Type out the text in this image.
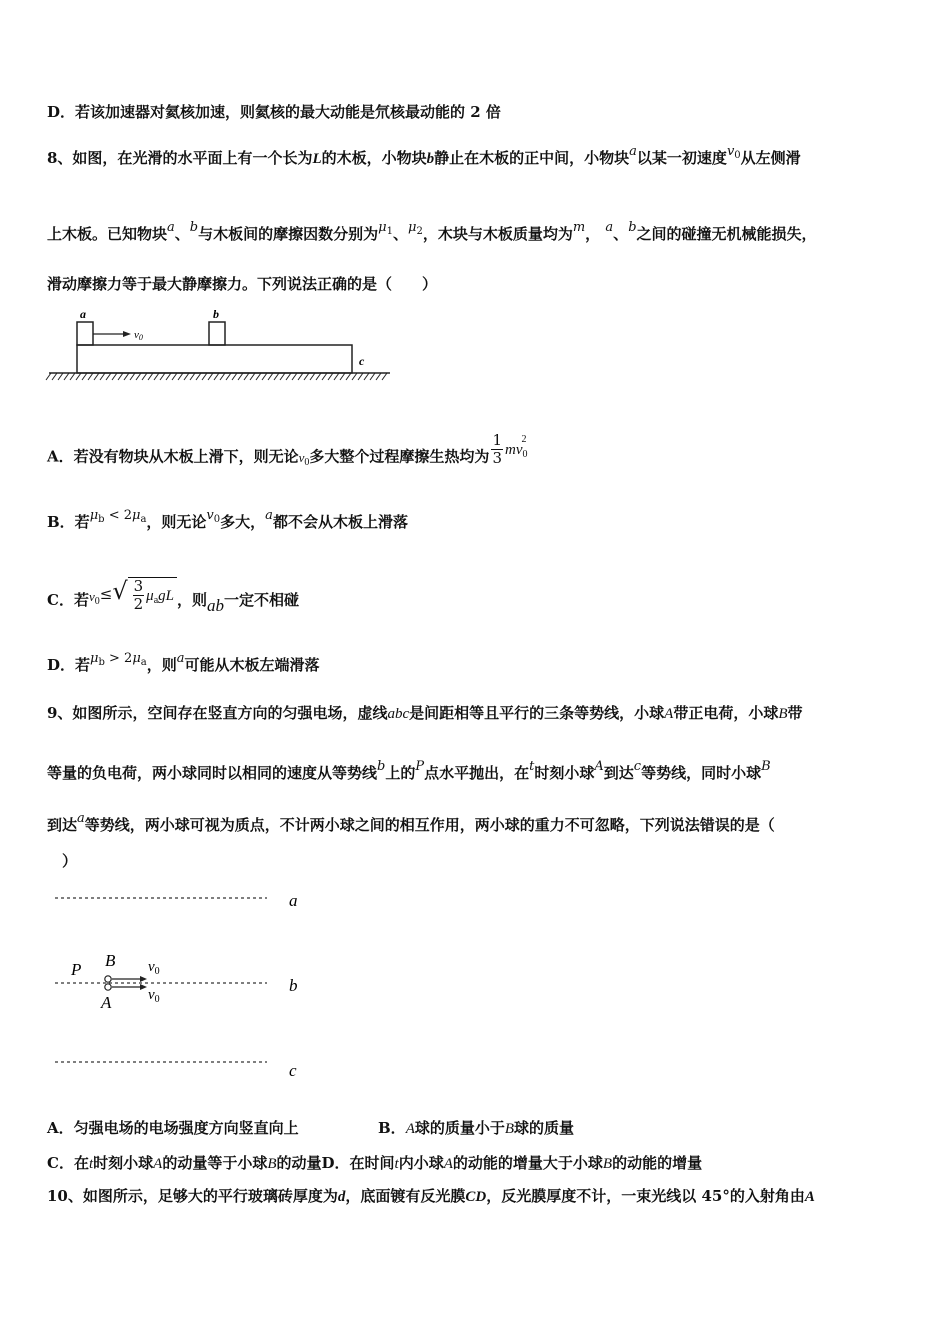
D．若该加速器对氦核加速，则氦核的最大动能是氘核最动能的 2 倍
8、如图，在光滑的水平面上有一个长为L的木板，小物块b静止在木板的正中间，小物块a以某一初速度$v_0$从左侧滑
上木板。已知物块a、b与木板间的摩擦因数分别为$\mu_1$、$\mu_2$，木块与木板质量均为m， a、b之间的碰撞无机械能损失，
滑动摩擦力等于最大静摩擦力。下列说法正确的是（　　）
v0
a	b
c
A．若没有物块从木板上滑下，则无论$v_0$多大整个过程摩擦生热均为 $\frac{1}{3} mv_0^2$
B．若$\mu_b < 2\mu_a$，则无论$v_0$多大，a都不会从木板上滑落
C．若$v_0\le√ \frac{3}{2} \mu_agL$ ，则ab一定不相碰
D．若$\mu_b > 2\mu_a$，则a可能从木板左端滑落
9、如图所示，空间存在竖直方向的匀强电场，虚线abc是间距相等且平行的三条等势线，小球A带正电荷，小球B带
等量的负电荷，两小球同时以相同的速度从等势线b上的P点水平抛出，在t时刻小球A到达c等势线，同时小球B
到达a等势线，两小球可视为质点，不计两小球之间的相互作用，两小球的重力不可忽略，下列说法错误的是（
）
a
b
c
P B
A
$v_0$
$v_0$
A．匀强电场的电场强度方向竖直向上	B．A球的质量小于B球的质量
C．在t时刻小球A的动量等于小球B的动量D．在时间t内小球A的动能的增量大于小球B的动能的增量
10、如图所示，足够大的平行玻璃砖厚度为d，底面镀有反光膜CD，反光膜厚度不计，一束光线以 45°的入射角由A
